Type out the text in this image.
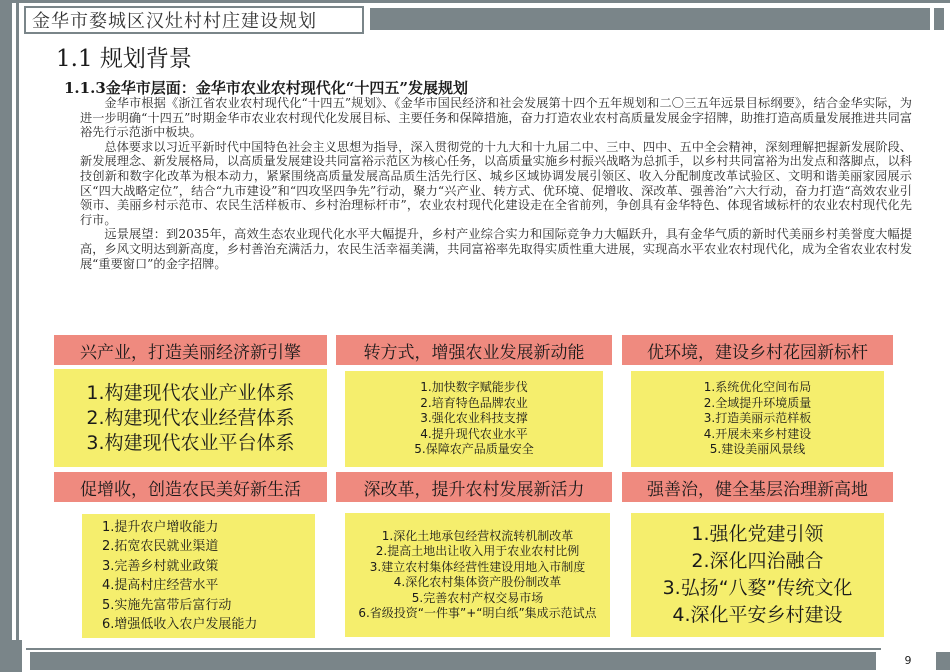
金华市婺城区汉灶村村庄建设规划
1.1 规划背景
1.1.3金华市层面：金华市农业农村现代化“十四五”发展规划

金华市根据《浙江省农业农村现代化“十四五”规划》、《金华市国民经济和社会发展第十四个五年规划和二〇三五年远景目标纲要》，结合金华实际，为进一步明确“十四五”时期金华市农业农村现代化发展目标、主要任务和保障措施，奋力打造农业农村高质量发展金字招牌，助推打造高质量发展推进共同富裕先行示范浙中板块。

总体要求以习近平新时代中国特色社会主义思想为指导，深入贯彻党的十九大和十九届二中、三中、四中、五中全会精神，深刻理解把握新发展阶段、新发展理念、新发展格局，以高质量发展建设共同富裕示范区为核心任务，以高质量实施乡村振兴战略为总抓手，以乡村共同富裕为出发点和落脚点，以科技创新和数字化改革为根本动力，紧紧围绕高质量发展高品质生活先行区、城乡区域协调发展引领区、收入分配制度改革试验区、文明和谐美丽家园展示区“四大战略定位”，结合“九市建设”和“四攻坚四争先”行动，聚力“兴产业、转方式、优环境、促增收、深改革、强善治”六大行动，奋力打造“高效农业引领市、美丽乡村示范市、农民生活样板市、乡村治理标杆市”，农业农村现代化建设走在全省前列，争创具有金华特色、体现省域标杆的农业农村现代化先行市。

远景展望：到2035年，高效生态农业现代化水平大幅提升，乡村产业综合实力和国际竞争力大幅跃升，具有金华气质的新时代美丽乡村美誉度大幅提高，乡风文明达到新高度，乡村善治充满活力，农民生活幸福美满，共同富裕率先取得实质性重大进展，实现高水平农业农村现代化，成为全省农业农村发展“重要窗口”的金字招牌。

兴产业，打造美丽经济新引擎	转方式，增强农业发展新动能	优环境，建设乡村花园新标杆
1.构建现代农业产业体系
2.构建现代农业经营体系
3.构建现代农业平台体系
1.加快数字赋能步伐
2.培育特色品牌农业
3.强化农业科技支撑
4.提升现代农业水平
5.保障农产品质量安全
1.系统优化空间布局
2.全域提升环境质量
3.打造美丽示范样板
4.开展未来乡村建设
5.建设美丽风景线
促增收，创造农民美好新生活	深改革，提升农村发展新活力	强善治，健全基层治理新高地
1.提升农户增收能力
2.拓宽农民就业渠道
3.完善乡村就业政策
4.提高村庄经营水平
5.实施先富带后富行动
6.增强低收入农户发展能力
1.深化土地承包经营权流转机制改革
2.提高土地出让收入用于农业农村比例
3.建立农村集体经营性建设用地入市制度
4.深化农村集体资产股份制改革
5.完善农村产权交易市场
6.省级投资“一件事”+“明白纸”集成示范试点
1.强化党建引领
2.深化四治融合
3.弘扬“八婺”传统文化
4.深化平安乡村建设
9
